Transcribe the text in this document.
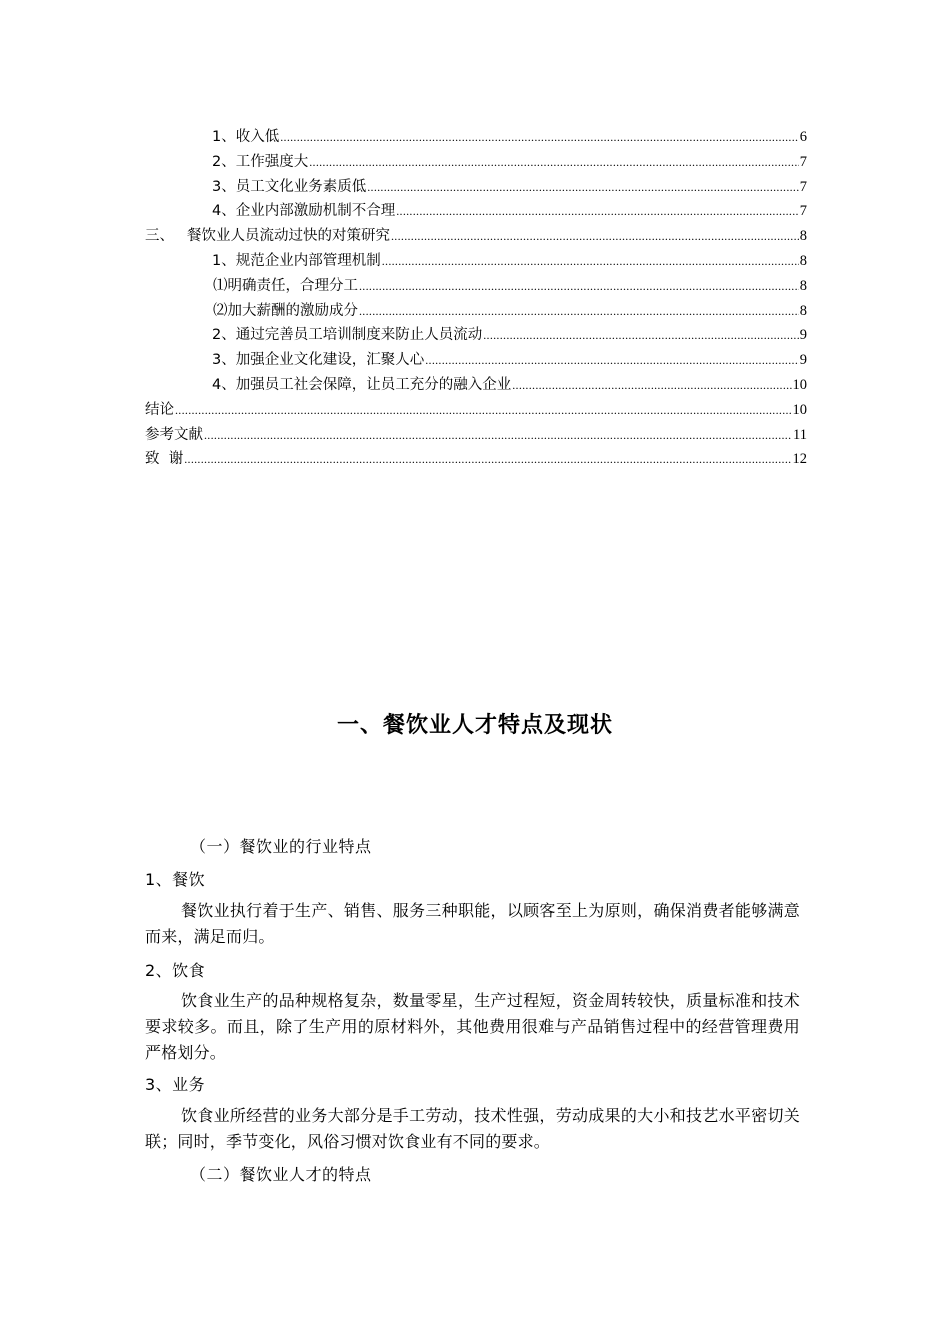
1、收入低 .....	6
2、工作强度大 .....	7
3、员工文化业务素质低 .....	7
4、企业内部激励机制不合理 .....	7
三、 餐饮业人员流动过快的对策研究 .....	8
1、规范企业内部管理机制 .....	8
⑴明确责任，合理分工 .....	8
⑵加大薪酬的激励成分 .....	8
2、通过完善员工培训制度来防止人员流动 .....	9
3、加强企业文化建设，汇聚人心 .....	9
4、加强员工社会保障，让员工充分的融入企业 .....	10
结论 .....	10
参考文献 .....	11
致  谢 .....	12
一、餐饮业人才特点及现状
（一）餐饮业的行业特点
1、餐饮

餐饮业执行着于生产、销售、服务三种职能，以顾客至上为原则，确保消费者能够满意而来，满足而归。

2、饮食

饮食业生产的品种规格复杂，数量零星，生产过程短，资金周转较快，质量标准和技术要求较多。而且，除了生产用的原材料外，其他费用很难与产品销售过程中的经营管理费用严格划分。

3、业务

饮食业所经营的业务大部分是手工劳动，技术性强，劳动成果的大小和技艺水平密切关联；同时，季节变化，风俗习惯对饮食业有不同的要求。

（二）餐饮业人才的特点
